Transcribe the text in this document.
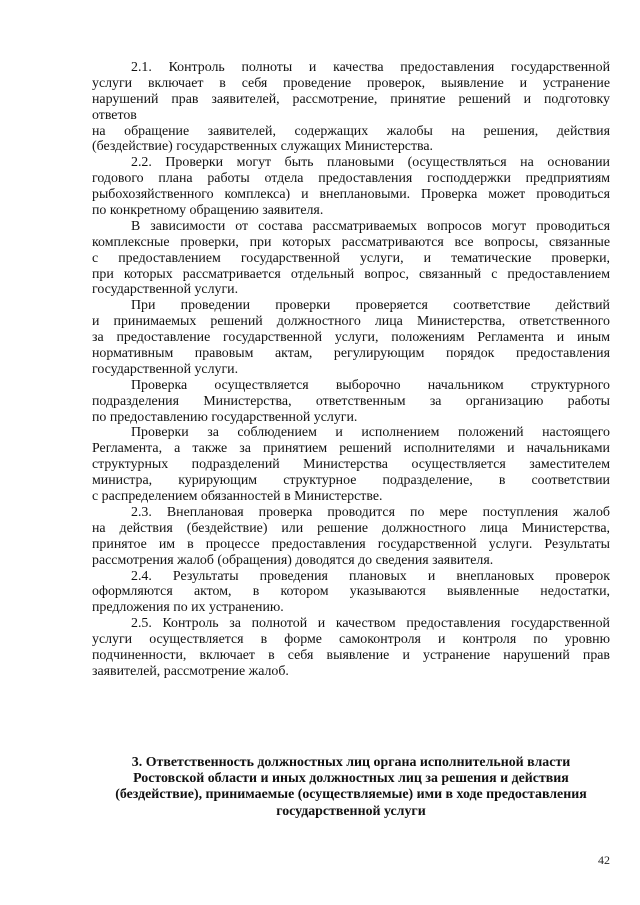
2.1. Контроль полноты и качества предоставления государственной
услуги включает в себя проведение проверок, выявление и устранение
нарушений прав заявителей, рассмотрение, принятие решений и подготовку
ответов
на обращение заявителей, содержащих жалобы на решения, действия
(бездействие) государственных служащих Министерства.
2.2. Проверки могут быть плановыми (осуществляться на основании
годового плана работы отдела предоставления господдержки предприятиям
рыбохозяйственного комплекса) и внеплановыми. Проверка может проводиться
по конкретному обращению заявителя.
В зависимости от состава рассматриваемых вопросов могут проводиться
комплексные проверки, при которых рассматриваются все вопросы, связанные
с предоставлением государственной услуги, и тематические проверки,
при которых рассматривается отдельный вопрос, связанный с предоставлением
государственной услуги.
При проведении проверки проверяется соответствие действий
и принимаемых решений должностного лица Министерства, ответственного
за предоставление государственной услуги, положениям Регламента и иным
нормативным правовым актам, регулирующим порядок предоставления
государственной услуги.
Проверка осуществляется выборочно начальником структурного
подразделения Министерства, ответственным за организацию работы
по предоставлению государственной услуги.
Проверки за соблюдением и исполнением положений настоящего
Регламента, а также за принятием решений исполнителями и начальниками
структурных подразделений Министерства осуществляется заместителем
министра, курирующим структурное подразделение, в соответствии
с распределением обязанностей в Министерстве.
2.3. Внеплановая проверка проводится по мере поступления жалоб
на действия (бездействие) или решение должностного лица Министерства,
принятое им в процессе предоставления государственной услуги. Результаты
рассмотрения жалоб (обращения) доводятся до сведения заявителя.
2.4. Результаты проведения плановых и внеплановых проверок
оформляются актом, в котором указываются выявленные недостатки,
предложения по их устранению.
2.5. Контроль за полнотой и качеством предоставления государственной
услуги осуществляется в форме самоконтроля и контроля по уровню
подчиненности, включает в себя выявление и устранение нарушений прав
заявителей, рассмотрение жалоб.
3. Ответственность должностных лиц органа исполнительной власти
Ростовской области и иных должностных лиц за решения и действия
(бездействие), принимаемые (осуществляемые) ими в ходе предоставления
государственной услуги
42
